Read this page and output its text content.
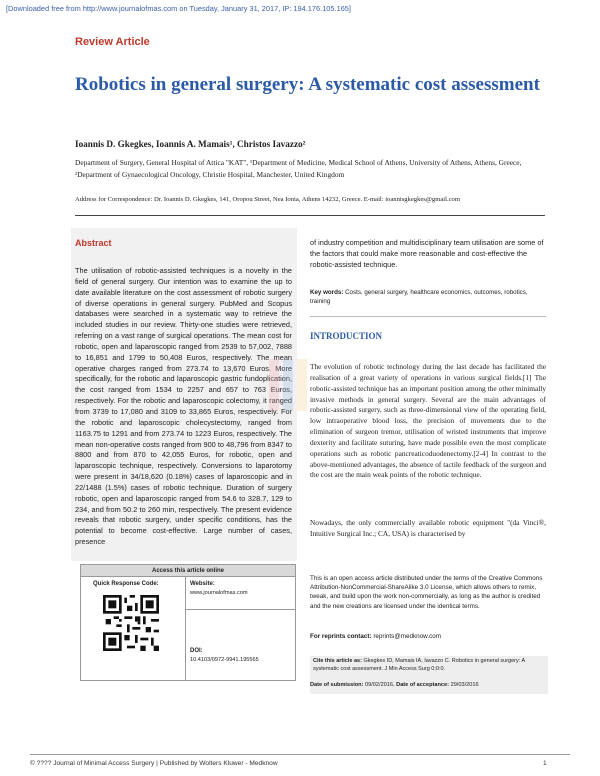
[Downloaded free from http://www.journalofmas.com on Tuesday, January 31, 2017, IP: 194.176.105.165]
Review Article
Robotics in general surgery: A systematic cost assessment
Ioannis D. Gkegkes, Ioannis A. Mamais¹, Christos Iavazzo²
Department of Surgery, General Hospital of Attica "KAT", ¹Department of Medicine, Medical School of Athens, University of Athens, Athens, Greece, ²Department of Gynaecological Oncology, Christie Hospital, Manchester, United Kingdom
Address for Correspondence: Dr. Ioannis D. Gkegkes, 141, Oropou Street, Nea Ionia, Athens 14232, Greece. E-mail: ioannisgkegkes@gmail.com
Abstract

The utilisation of robotic-assisted techniques is a novelty in the field of general surgery. Our intention was to examine the up to date available literature on the cost assessment of robotic surgery of diverse operations in general surgery. PubMed and Scopus databases were searched in a systematic way to retrieve the included studies in our review. Thirty-one studies were retrieved, referring on a vast range of surgical operations. The mean cost for robotic, open and laparoscopic ranged from 2539 to 57,002, 7888 to 16,851 and 1799 to 50,408 Euros, respectively. The mean operative charges ranged from 273.74 to 13,670 Euros. More specifically, for the robotic and laparoscopic gastric fundoplication, the cost ranged from 1534 to 2257 and 657 to 763 Euros, respectively. For the robotic and laparoscopic colectomy, it ranged from 3739 to 17,080 and 3109 to 33,865 Euros, respectively. For the robotic and laparoscopic cholecystectomy, ranged from 1163.75 to 1291 and from 273.74 to 1223 Euros, respectively. The mean non-operative costs ranged from 900 to 48,796 from 8347 to 8800 and from 870 to 42,055 Euros, for robotic, open and laparoscopic technique, respectively. Conversions to laparotomy were present in 34/18,620 (0.18%) cases of laparoscopic and in 22/1488 (1.5%) cases of robotic technique. Duration of surgery robotic, open and laparoscopic ranged from 54.6 to 328.7, 129 to 234, and from 50.2 to 260 min, respectively. The present evidence reveals that robotic surgery, under specific conditions, has the potential to become cost-effective. Large number of cases, presence

of industry competition and multidisciplinary team utilisation are some of the factors that could make more reasonable and cost-effective the robotic-assisted technique.

Key words: Costs, general surgery, healthcare economics, outcomes, robotics, training
INTRODUCTION

The evolution of robotic technology during the last decade has facilitated the realisation of a great variety of operations in various surgical fields.[1] The robotic-assisted technique has an important position among the other minimally invasive methods in general surgery. Several are the main advantages of robotic-assisted surgery, such as three-dimensional view of the operating field, low intraoperative blood loss, the precision of movements due to the elimination of surgeon tremor, utilisation of wristed instruments that improve dexterity and facilitate suturing, have made possible even the most complicate operations such as robotic pancreaticoduodenectomy.[2-4] In contrast to the above-mentioned advantages, the absence of tactile feedback of the surgeon and the cost are the main weak points of the robotic technique.

Nowadays, the only commercially available robotic equipment "(da Vinci®, Intuitive Surgical Inc.; CA, USA) is characterised by

Access this article online
Quick Response Code:	Website:
www.journalofmas.com
DOI:
10.4103/0972-9941.195565

This is an open access article distributed under the terms of the Creative Commons Attribution-NonCommercial-ShareAlike 3.0 License, which allows others to remix, tweak, and build upon the work non-commercially, as long as the author is credited and the new creations are licensed under the identical terms.

For reprints contact: reprints@medknow.com
Cite this article as: Gkegkes ID, Mamais IA, Iavazzo C. Robotics in general surgery: A systematic cost assessment. J Min Access Surg 0;0:0.
Date of submission: 09/02/2016, Date of acceptance: 29/03/2016
© ???? Journal of Minimal Access Surgery | Published by Wolters Kluwer - Medknow	1
